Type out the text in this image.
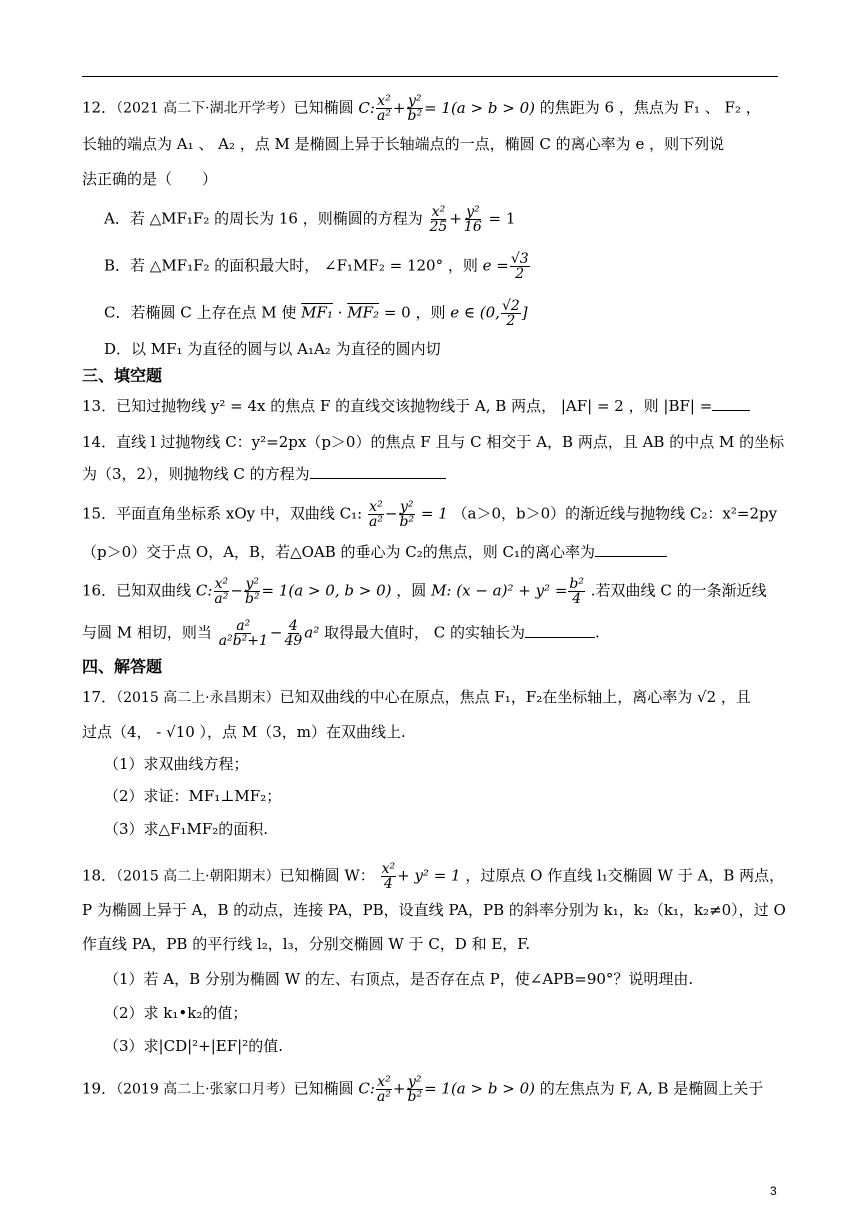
12．（2021 高二下·湖北开学考）已知椭圆 C: $\frac{\text{x²}}{\text{a²}} + \frac{\text{y²}}{\text{b²}} = 1(a > b > 0)$ 的焦距为 6 ，焦点为 F₁ 、 F₂ ，
长轴的端点为 A₁ 、 A₂ ，点 M 是椭圆上异于长轴端点的一点，椭圆 C 的离心率为 e ，则下列说
法正确的是（　　）
A．若 △MF₁F₂ 的周长为 16 ，则椭圆的方程为 $\frac{\text{x²}}{25} + \frac{\text{y²}}{16} = 1$
B．若 △MF₁F₂ 的面积最大时， ∠F₁MF₂ = 120° ，则 $e = \frac{√3}{2}$
C．若椭圆 C 上存在点 M 使 MF₁ · MF₂ = 0 ，则 e ∈ (0, $\frac{√2}{2}$ ]
D．以 MF₁ 为直径的圆与以 A₁A₂ 为直径的圆内切
三、填空题
13．已知过抛物线 y² = 4x 的焦点 F 的直线交该抛物线于 A, B 两点， |AF| = 2 ，则 |BF| =
14．直线 l 过抛物线 C：y²=2px（p＞0）的焦点 F 且与 C 相交于 A，B 两点，且 AB 的中点 M 的坐标
为（3，2），则抛物线 C 的方程为
15．平面直角坐标系 xOy 中，双曲线 C₁: $\frac{\text{x²}}{\text{a²}} - \frac{\text{y²}}{\text{b²}} = 1$ （a＞0，b＞0）的渐近线与抛物线 C₂：x²=2py
（p＞0）交于点 O，A，B，若△OAB 的垂心为 C₂的焦点，则 C₁的离心率为
16．已知双曲线 C: $\frac{\text{x²}}{\text{a²}} - \frac{\text{y²}}{\text{b²}} = 1(a > 0$, b > 0) ，圆 M: $(x - a)^2 + y^2 = \frac{\text{b²}}{4}$ .若双曲线 C 的一条渐近线
与圆 M 相切，则当 $\frac{\text{a²}}{\text{a²b²+1}} - \frac{4}{49} a^2$ 取得最大值时， C 的实轴长为	.
四、解答题
17．（2015 高二上·永昌期末）已知双曲线的中心在原点，焦点 F₁，F₂在坐标轴上，离心率为 √2 ，且
过点（4， - √10 ），点 M（3，m）在双曲线上.
（1）求双曲线方程；
（2）求证：MF₁⊥MF₂；
（3）求△F₁MF₂的面积.
18．（2015 高二上·朝阳期末）已知椭圆 W： $\frac{\text{x²}}{4} + y^2 = 1$ ，过原点 O 作直线 l₁交椭圆 W 于 A，B 两点，
P 为椭圆上异于 A，B 的动点，连接 PA，PB，设直线 PA，PB 的斜率分别为 k₁，k₂（k₁，k₂≠0），过 O
作直线 PA，PB 的平行线 l₂，l₃，分别交椭圆 W 于 C，D 和 E，F.
（1）若 A，B 分别为椭圆 W 的左、右顶点，是否存在点 P，使∠APB=90°？说明理由.
（2）求 k₁•k₂的值；
（3）求|CD|²+|EF|²的值.
19．（2019 高二上·张家口月考）已知椭圆 C: $\frac{\text{x²}}{\text{a²}} + \frac{\text{y²}}{\text{b²}} = 1(a > b > 0)$ 的左焦点为 F, A, B 是椭圆上关于
3
